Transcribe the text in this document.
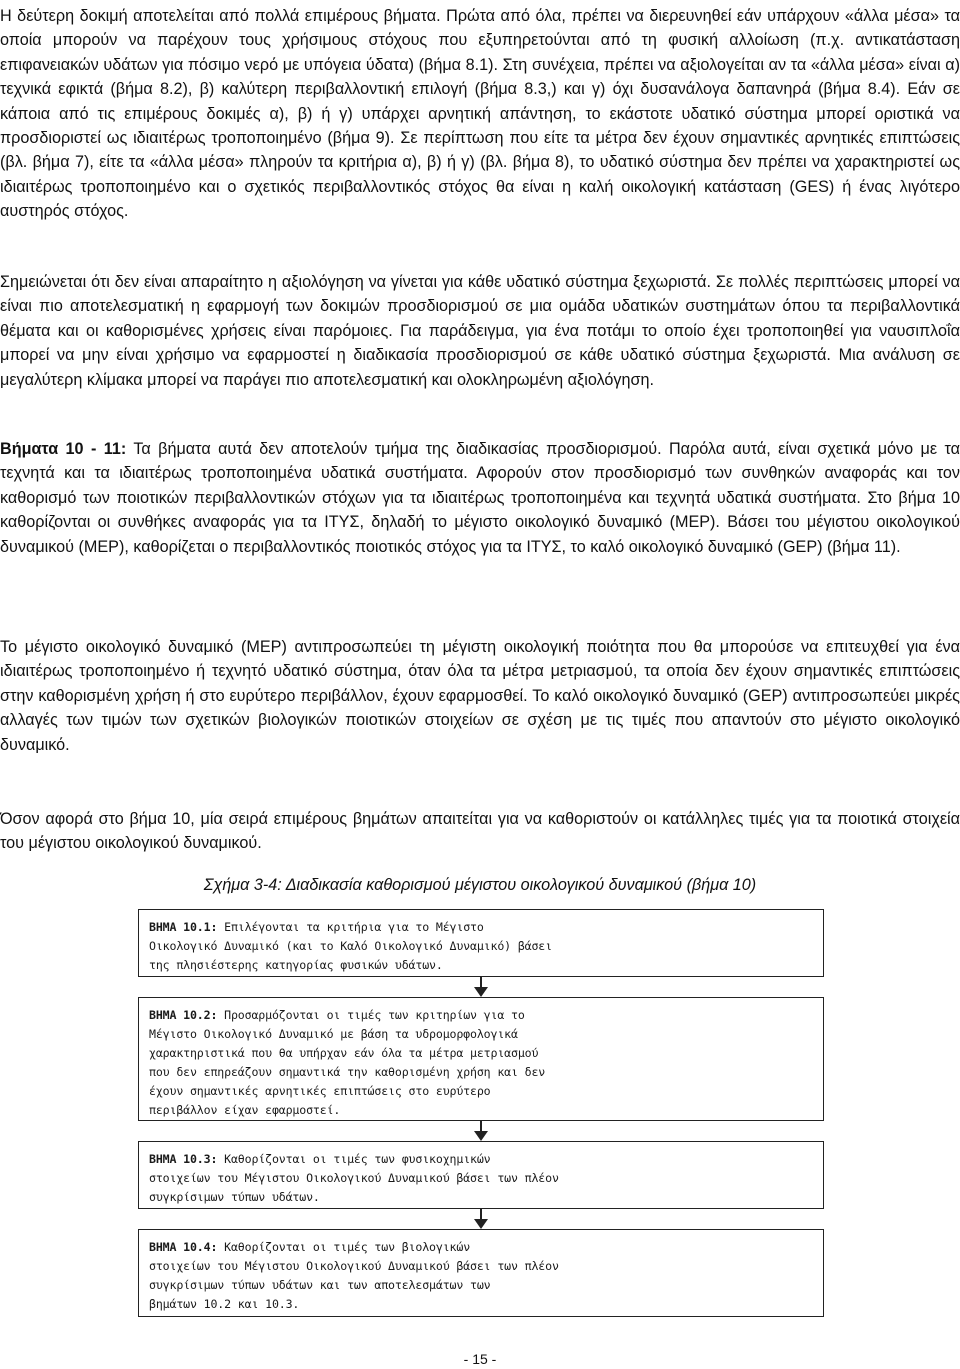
Η δεύτερη δοκιμή αποτελείται από πολλά επιμέρους βήματα. Πρώτα από όλα, πρέπει να διερευνηθεί εάν υπάρχουν «άλλα μέσα» τα οποία μπορούν να παρέχουν τους χρήσιμους στόχους που εξυπηρετούνται από τη φυσική αλλοίωση (π.χ. αντικατάσταση επιφανειακών υδάτων για πόσιμο νερό με υπόγεια ύδατα) (βήμα 8.1). Στη συνέχεια, πρέπει να αξιολογείται αν τα «άλλα μέσα» είναι α) τεχνικά εφικτά (βήμα 8.2), β) καλύτερη περιβαλλοντική επιλογή (βήμα 8.3,) και γ) όχι δυσανάλογα δαπανηρά (βήμα 8.4). Εάν σε κάποια από τις επιμέρους δοκιμές α), β) ή γ) υπάρχει αρνητική απάντηση, το εκάστοτε υδατικό σύστημα μπορεί οριστικά να προσδιοριστεί ως ιδιαιτέρως τροποποιημένο (βήμα 9). Σε περίπτωση που είτε τα μέτρα δεν έχουν σημαντικές αρνητικές επιπτώσεις (βλ. βήμα 7), είτε τα «άλλα μέσα» πληρούν τα κριτήρια α), β) ή γ) (βλ. βήμα 8), το υδατικό σύστημα δεν πρέπει να χαρακτηριστεί ως ιδιαιτέρως τροποποιημένο και ο σχετικός περιβαλλοντικός στόχος θα είναι η καλή οικολογική κατάσταση (GES) ή ένας λιγότερο αυστηρός στόχος.

Σημειώνεται ότι δεν είναι απαραίτητο η αξιολόγηση να γίνεται για κάθε υδατικό σύστημα ξεχωριστά. Σε πολλές περιπτώσεις μπορεί να είναι πιο αποτελεσματική η εφαρμογή των δοκιμών προσδιορισμού σε μια ομάδα υδατικών συστημάτων όπου τα περιβαλλοντικά θέματα και οι καθορισμένες χρήσεις είναι παρόμοιες. Για παράδειγμα, για ένα ποτάμι το οποίο έχει τροποποιηθεί για ναυσιπλοΐα μπορεί να μην είναι χρήσιμο να εφαρμοστεί η διαδικασία προσδιορισμού σε κάθε υδατικό σύστημα ξεχωριστά. Μια ανάλυση σε μεγαλύτερη κλίμακα μπορεί να παράγει πιο αποτελεσματική και ολοκληρωμένη αξιολόγηση.

Βήματα 10 - 11: Τα βήματα αυτά δεν αποτελούν τμήμα της διαδικασίας προσδιορισμού. Παρόλα αυτά, είναι σχετικά μόνο με τα τεχνητά και τα ιδιαιτέρως τροποποιημένα υδατικά συστήματα. Αφορούν στον προσδιορισμό των συνθηκών αναφοράς και τον καθορισμό των ποιοτικών περιβαλλοντικών στόχων για τα ιδιαιτέρως τροποποιημένα και τεχνητά υδατικά συστήματα. Στο βήμα 10 καθορίζονται οι συνθήκες αναφοράς για τα ΙΤΥΣ, δηλαδή το μέγιστο οικολογικό δυναμικό (MEP). Βάσει του μέγιστου οικολογικού δυναμικού (MEP), καθορίζεται ο περιβαλλοντικός ποιοτικός στόχος για τα ΙΤΥΣ, το καλό οικολογικό δυναμικό (GEP) (βήμα 11).

Το μέγιστο οικολογικό δυναμικό (MEP) αντιπροσωπεύει τη μέγιστη οικολογική ποιότητα που θα μπορούσε να επιτευχθεί για ένα ιδιαιτέρως τροποποιημένο ή τεχνητό υδατικό σύστημα, όταν όλα τα μέτρα μετριασμού, τα οποία δεν έχουν σημαντικές επιπτώσεις στην καθορισμένη χρήση ή στο ευρύτερο περιβάλλον, έχουν εφαρμοσθεί. Το καλό οικολογικό δυναμικό (GEP) αντιπροσωπεύει μικρές αλλαγές των τιμών των σχετικών βιολογικών ποιοτικών στοιχείων σε σχέση με τις τιμές που απαντούν στο μέγιστο οικολογικό δυναμικό.

Όσον αφορά στο βήμα 10, μία σειρά επιμέρους βημάτων απαιτείται για να καθοριστούν οι κατάλληλες τιμές για τα ποιοτικά στοιχεία του μέγιστου οικολογικού δυναμικού.

Σχήμα 3-4: Διαδικασία καθορισμού μέγιστου οικολογικού δυναμικού (βήμα 10)

ΒΗΜΑ 10.1: Επιλέγονται τα κριτήρια για το Μέγιστο
Οικολογικό Δυναμικό (και το Καλό Οικολογικό Δυναμικό) βάσει
της πλησιέστερης κατηγορίας φυσικών υδάτων.
ΒΗΜΑ 10.2: Προσαρμόζονται οι τιμές των κριτηρίων για το
Μέγιστο Οικολογικό Δυναμικό με βάση τα υδρομορφολογικά
χαρακτηριστικά που θα υπήρχαν εάν όλα τα μέτρα μετριασμού
που δεν επηρεάζουν σημαντικά την καθορισμένη χρήση και δεν
έχουν σημαντικές αρνητικές επιπτώσεις στο ευρύτερο
περιβάλλον είχαν εφαρμοστεί.
ΒΗΜΑ 10.3: Καθορίζονται οι τιμές των φυσικοχημικών
στοιχείων του Μέγιστου Οικολογικού Δυναμικού βάσει των πλέον
συγκρίσιμων τύπων υδάτων.
ΒΗΜΑ 10.4: Καθορίζονται οι τιμές των βιολογικών
στοιχείων του Μέγιστου Οικολογικού Δυναμικού βάσει των πλέον
συγκρίσιμων τύπων υδάτων και των αποτελεσμάτων των
βημάτων 10.2 και 10.3.
- 15 -
